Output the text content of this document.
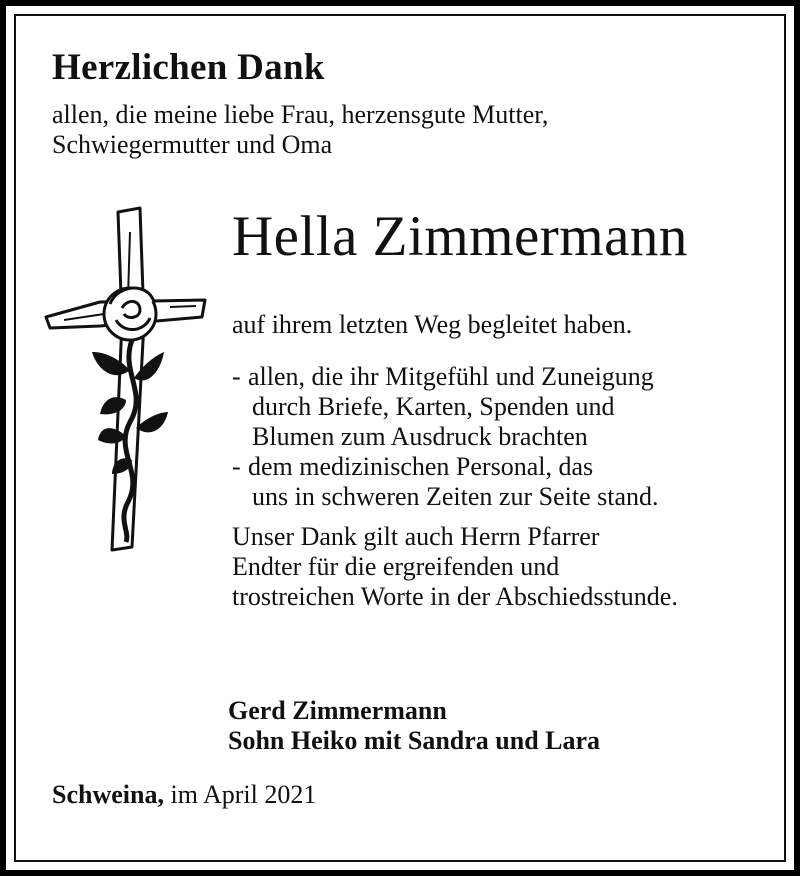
Herzlichen Dank
allen, die meine liebe Frau, herzensgute Mutter,
Schwiegermutter und Oma
Hella Zimmermann
auf ihrem letzten Weg begleitet haben.
- allen, die ihr Mitgefühl und Zuneigung
durch Briefe, Karten, Spenden und
Blumen zum Ausdruck brachten
- dem medizinischen Personal, das
uns in schweren Zeiten zur Seite stand.
Unser Dank gilt auch Herrn Pfarrer
Endter für die ergreifenden und
trostreichen Worte in der Abschiedsstunde.
Gerd Zimmermann
Sohn Heiko mit Sandra und Lara
Schweina, im April 2021
